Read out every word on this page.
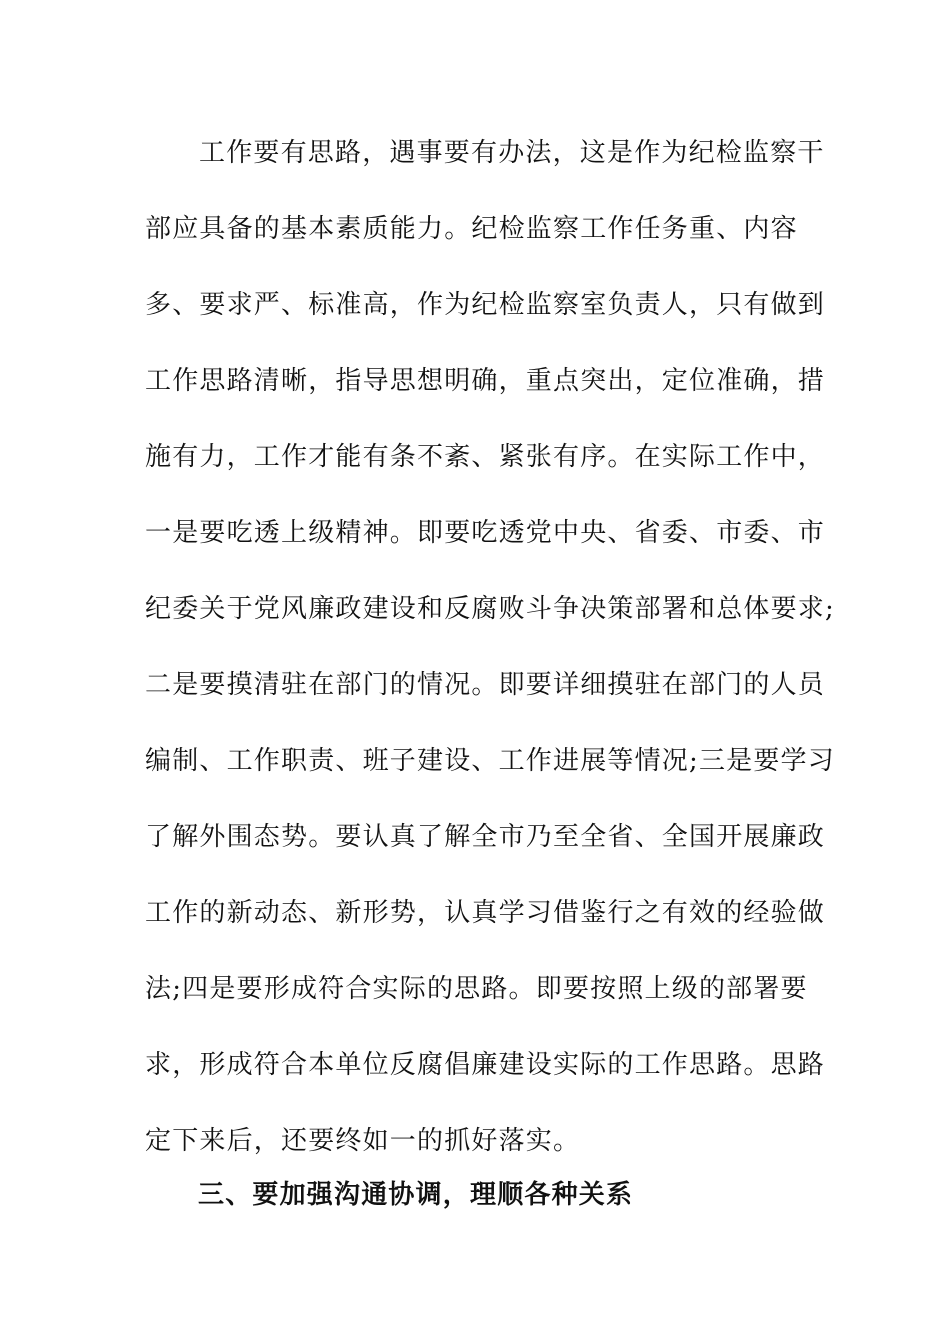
工作要有思路，遇事要有办法，这是作为纪检监察干
部应具备的基本素质能力。纪检监察工作任务重、内容
多、要求严、标准高，作为纪检监察室负责人，只有做到
工作思路清晰，指导思想明确，重点突出，定位准确，措
施有力，工作才能有条不紊、紧张有序。在实际工作中，
一是要吃透上级精神。即要吃透党中央、省委、市委、市
纪委关于党风廉政建设和反腐败斗争决策部署和总体要求;
二是要摸清驻在部门的情况。即要详细摸驻在部门的人员
编制、工作职责、班子建设、工作进展等情况;三是要学习
了解外围态势。要认真了解全市乃至全省、全国开展廉政
工作的新动态、新形势，认真学习借鉴行之有效的经验做
法;四是要形成符合实际的思路。即要按照上级的部署要
求，形成符合本单位反腐倡廉建设实际的工作思路。思路
定下来后，还要终如一的抓好落实。
三、要加强沟通协调，理顺各种关系
